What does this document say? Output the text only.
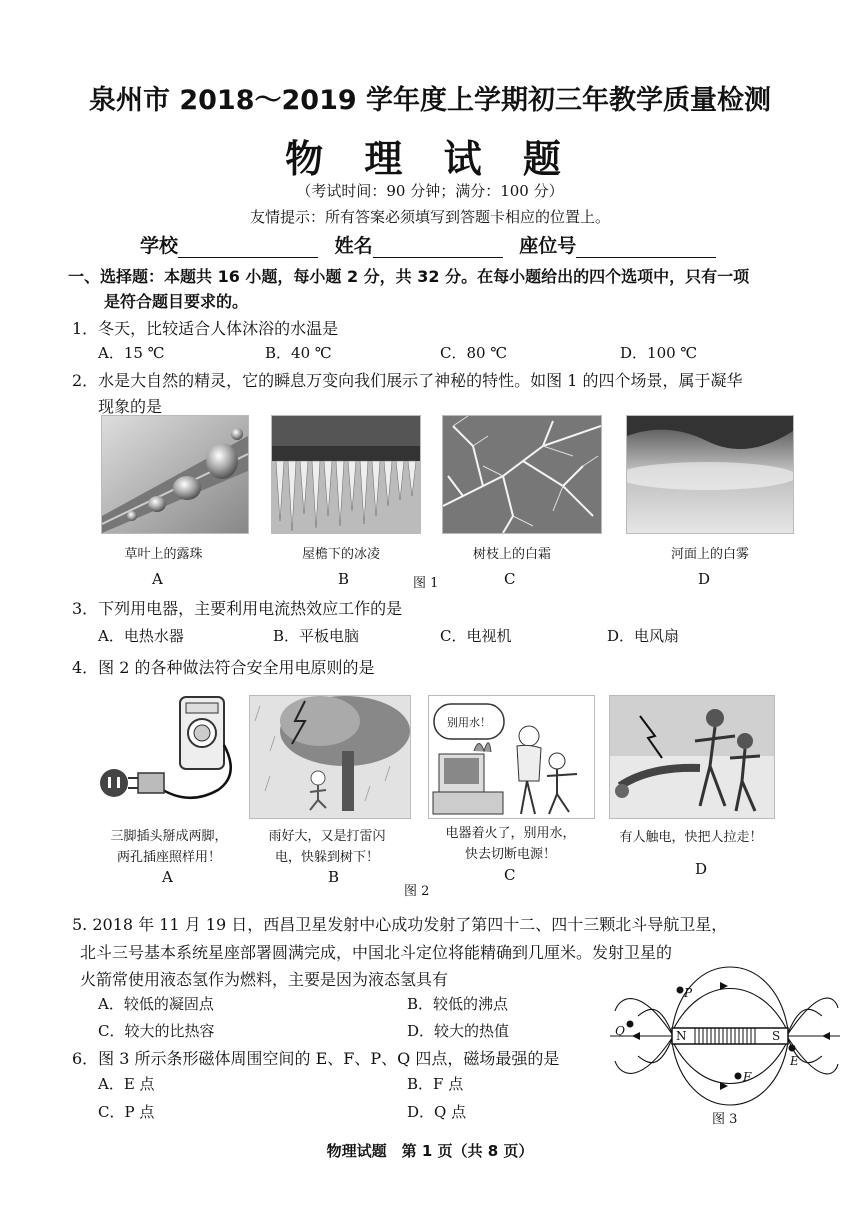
泉州市 2018～2019 学年度上学期初三年教学质量检测
物 理 试 题
（考试时间：90 分钟；满分：100 分）
友情提示：所有答案必须填写到答题卡相应的位置上。
学校	姓名	座位号
一、选择题：本题共 16 小题，每小题 2 分，共 32 分。在每小题给出的四个选项中，只有一项
是符合题目要求的。
1．冬天，比较适合人体沐浴的水温是
A．15 ℃	B．40 ℃	C．80 ℃	D．100 ℃
2．水是大自然的精灵，它的瞬息万变向我们展示了神秘的特性。如图 1 的四个场景，属于凝华
现象的是
草叶上的露珠	屋檐下的冰凌	树枝上的白霜	河面上的白雾
A	B	图 1	C	D
3．下列用电器，主要利用电流热效应工作的是
A．电热水器	B．平板电脑	C．电视机	D．电风扇
4．图 2 的各种做法符合安全用电原则的是
别用水！
三脚插头掰成两脚，
两孔插座照样用！
雨好大，又是打雷闪
电，快躲到树下！
电器着火了，别用水，
快去切断电源！
有人触电，快把人拉走！
A	B	C	D
图 2
5. 2018 年 11 月 19 日，西昌卫星发射中心成功发射了第四十二、四十三颗北斗导航卫星，
北斗三号基本系统星座部署圆满完成，中国北斗定位将能精确到几厘米。发射卫星的
火箭常使用液态氢作为燃料，主要是因为液态氢具有
A．较低的凝固点	B．较低的沸点
C．较大的比热容	D．较大的热值
6．图 3 所示条形磁体周围空间的 E、F、P、Q 四点，磁场最强的是
A．E 点	B．F 点
C．P 点	D．Q 点
N	S
P
Q
F
E
图 3
物理试题　第 1 页（共 8 页）
